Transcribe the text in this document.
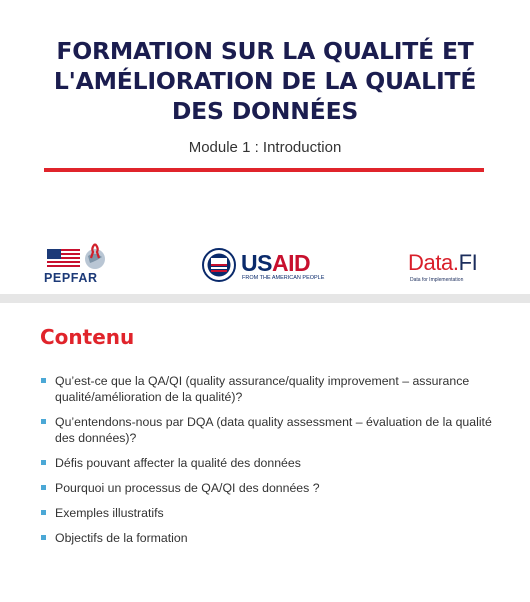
FORMATION SUR LA QUALITÉ ET
L'AMÉLIORATION DE LA QUALITÉ
DES DONNÉES
Module 1 : Introduction
PEPFAR
USAID
FROM THE AMERICAN PEOPLE
Data.FI
Data for Implementation
Contenu
Qu’est-ce que la QA/QI (quality assurance/quality improvement – assurance qualité/amélioration de la qualité)?
Qu’entendons-nous par DQA (data quality assessment – évaluation de la qualité des données)?
Défis pouvant affecter la qualité des données
Pourquoi un processus de QA/QI des données ?
Exemples illustratifs
Objectifs de la formation
